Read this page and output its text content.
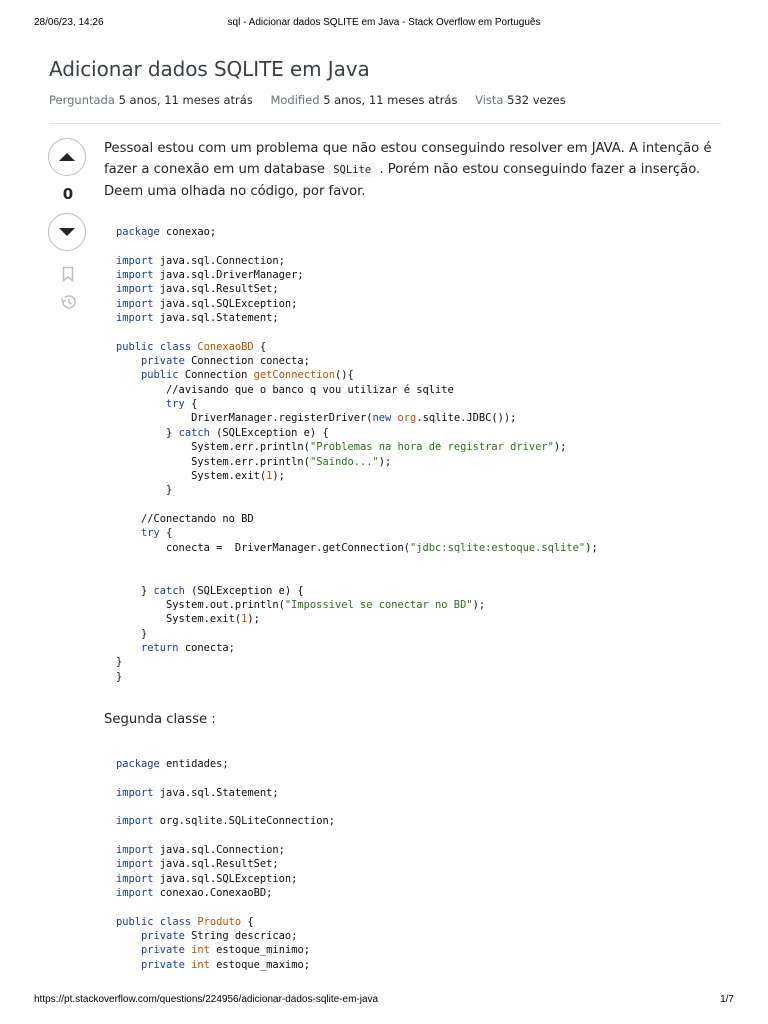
28/06/23, 14:26	sql - Adicionar dados SQLITE em Java - Stack Overflow em Português
Adicionar dados SQLITE em Java
Perguntada 5 anos, 11 meses atrás Modified 5 anos, 11 meses atrás Vista 532 vezes
0

Pessoal estou com um problema que não estou conseguindo resolver em JAVA. A intenção é fazer a conexão em um database SQLite . Porém não estou conseguindo fazer a inserção. Deem uma olhada no código, por favor.

package conexao;

import java.sql.Connection;
import java.sql.DriverManager;
import java.sql.ResultSet;
import java.sql.SQLException;
import java.sql.Statement;

public class ConexaoBD {
private Connection conecta;
public Connection getConnection(){
//avisando que o banco q vou utilizar é sqlite
try {
DriverManager.registerDriver(new org.sqlite.JDBC());
} catch (SQLException e) {
System.err.println("Problemas na hora de registrar driver");
System.err.println("Saindo...");
System.exit(1);
}

//Conectando no BD
try {
conecta =  DriverManager.getConnection("jdbc:sqlite:estoque.sqlite");

} catch (SQLException e) {
System.out.println("Impossivel se conectar no BD");
System.exit(1);
}
return conecta;
}
}

Segunda classe :
package entidades;

import java.sql.Statement;

import org.sqlite.SQLiteConnection;

import java.sql.Connection;
import java.sql.ResultSet;
import java.sql.SQLException;
import conexao.ConexaoBD;

public class Produto {
private String descricao;
private int estoque_minimo;
private int estoque_maximo;

https://pt.stackoverflow.com/questions/224956/adicionar-dados-sqlite-em-java	1/7
